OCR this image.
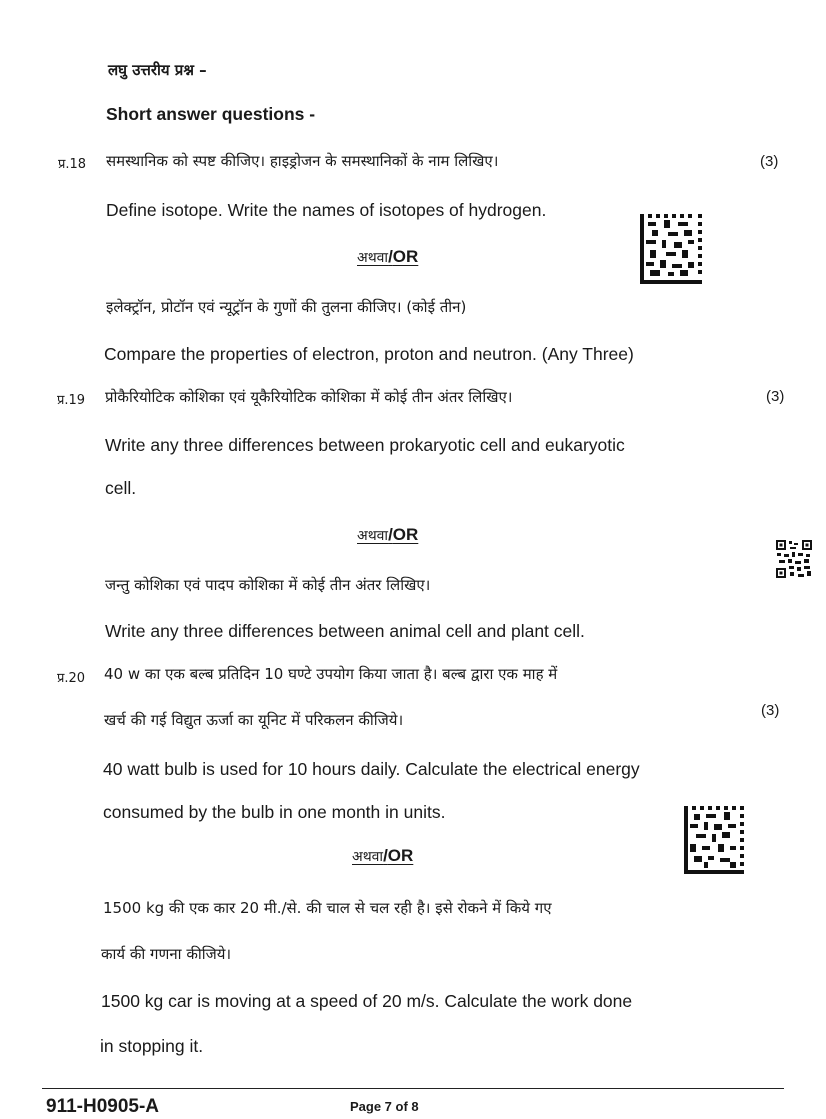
लघु उत्तरीय प्रश्न –
Short answer questions -
प्र.18 समस्थानिक को स्पष्ट कीजिए। हाइड्रोजन के समस्थानिकों के नाम लिखिए।	(3)
Define isotope. Write the names of isotopes of hydrogen.
अथवा/OR
इलेक्ट्रॉन, प्रोटॉन एवं न्यूट्रॉन के गुणों की तुलना कीजिए। (कोई तीन)
Compare the properties of electron, proton and neutron. (Any Three)
प्र.19 प्रोकैरियोटिक कोशिका एवं यूकैरियोटिक कोशिका में कोई तीन अंतर लिखिए।	(3)
Write any three differences between prokaryotic cell and eukaryotic
cell.
अथवा/OR
जन्तु कोशिका एवं पादप कोशिका में कोई तीन अंतर लिखिए।
Write any three differences between animal cell and plant cell.
प्र.20 40 w का एक बल्ब प्रतिदिन 10 घण्टे उपयोग किया जाता है। बल्ब द्वारा एक माह में
(3)
खर्च की गई विद्युत ऊर्जा का यूनिट में परिकलन कीजिये।
40 watt bulb is used for 10 hours daily. Calculate the electrical energy
consumed by the bulb in one month in units.
अथवा/OR
1500 kg की एक कार 20 मी./से. की चाल से चल रही है। इसे रोकने में किये गए
कार्य की गणना कीजिये।
1500 kg car is moving at a speed of 20 m/s. Calculate the work done
in stopping it.
911-H0905-A	Page 7 of 8
